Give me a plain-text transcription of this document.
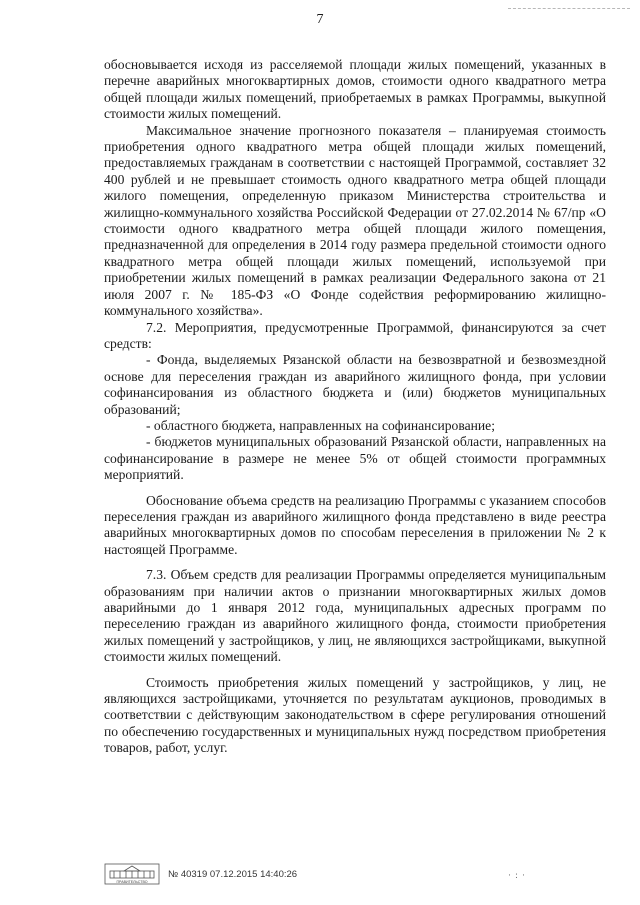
7

обосновывается исходя из расселяемой площади жилых помещений, указанных в перечне аварийных многоквартирных домов, стоимости одного квадратного метра общей площади жилых помещений, приобретаемых в рамках Программы, выкупной стоимости жилых помещений.

Максимальное значение прогнозного показателя – планируемая стоимость приобретения одного квадратного метра общей площади жилых помещений, предоставляемых гражданам в соответствии с настоящей Программой, составляет 32 400 рублей и не превышает стоимость одного квадратного метра общей площади жилого помещения, определенную приказом Министерства строительства и жилищно-коммунального хозяйства Российской Федерации от 27.02.2014 № 67/пр «О стоимости одного квадратного метра общей площади жилого помещения, предназначенной для определения в 2014 году размера предельной стоимости одного квадратного метра общей площади жилых помещений, используемой при приобретении жилых помещений в рамках реализации Федерального закона от 21 июля 2007 г. № 185-ФЗ «О Фонде содействия реформированию жилищно-коммунального хозяйства».

7.2. Мероприятия, предусмотренные Программой, финансируются за счет средств:

- Фонда, выделяемых Рязанской области на безвозвратной и безвозмездной основе для переселения граждан из аварийного жилищного фонда, при условии софинансирования из областного бюджета и (или) бюджетов муниципальных образований;

- областного бюджета, направленных на софинансирование;

- бюджетов муниципальных образований Рязанской области, направленных на софинансирование в размере не менее 5% от общей стоимости программных мероприятий.

Обоснование объема средств на реализацию Программы с указанием способов переселения граждан из аварийного жилищного фонда представлено в виде реестра аварийных многоквартирных домов по способам переселения в приложении № 2 к настоящей Программе.

7.3. Объем средств для реализации Программы определяется муниципальным образованиям при наличии актов о признании многоквартирных жилых домов аварийными до 1 января 2012 года, муниципальных адресных программ по переселению граждан из аварийного жилищного фонда, стоимости приобретения жилых помещений у застройщиков, у лиц, не являющихся застройщиками, выкупной стоимости жилых помещений.

Стоимость приобретения жилых помещений у застройщиков, у лиц, не являющихся застройщиками, уточняется по результатам аукционов, проводимых в соответствии с действующим законодательством в сфере регулирования отношений по обеспечению государственных и муниципальных нужд посредством приобретения товаров, работ, услуг.

ПРАВИТЕЛЬСТВО
№ 40319 07.12.2015 14:40:26	· : ·
